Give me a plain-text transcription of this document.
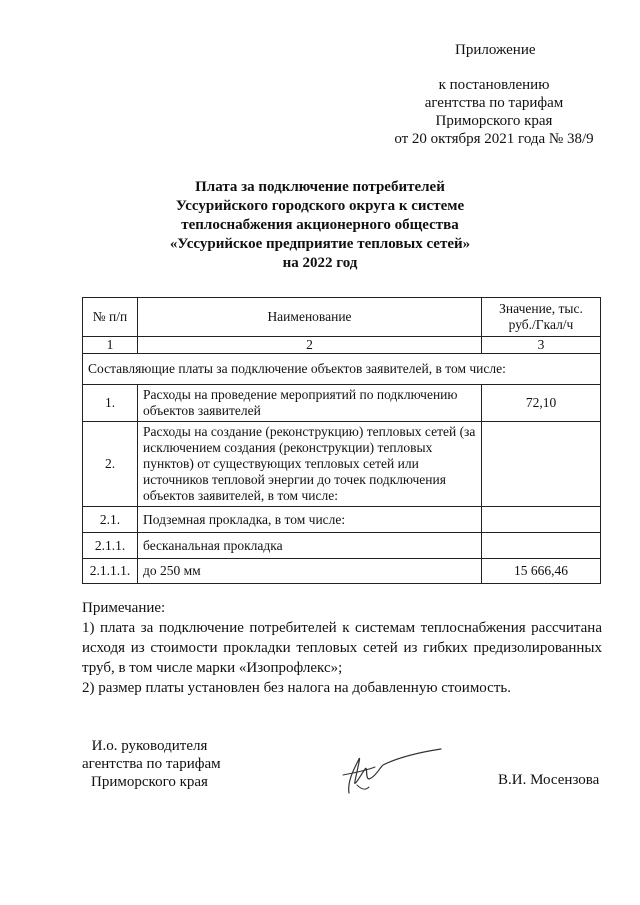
Приложение
к постановлению
агентства по тарифам
Приморского края
от 20 октября 2021 года № 38/9
Плата за подключение потребителей
Уссурийского городского округа к системе
теплоснабжения акционерного общества
«Уссурийское предприятие тепловых сетей»
на 2022 год
№ п/п	Наименование	Значение, тыс. руб./Гкал/ч
1	2	3
Составляющие платы за подключение объектов заявителей, в том числе:		
1.	Расходы на проведение мероприятий по подключению объектов заявителей	72,10
2.	Расходы на создание (реконструкцию) тепловых сетей (за исключением создания (реконструкции) тепловых пунктов) от существующих тепловых сетей или источников тепловой энергии до точек подключения объектов заявителей, в том числе:	
2.1.	Подземная прокладка, в том числе:	
2.1.1.	бесканальная прокладка	
2.1.1.1.	до 250 мм	15 666,46
Примечание:
1) плата за подключение потребителей к системам теплоснабжения рассчитана исходя из стоимости прокладки тепловых сетей из гибких предизолированных труб, в том числе марки «Изопрофлекс»;
2) размер платы установлен без налога на добавленную стоимость.
И.о. руководителя
агентства по тарифам
Приморского края	В.И. Мосензова
